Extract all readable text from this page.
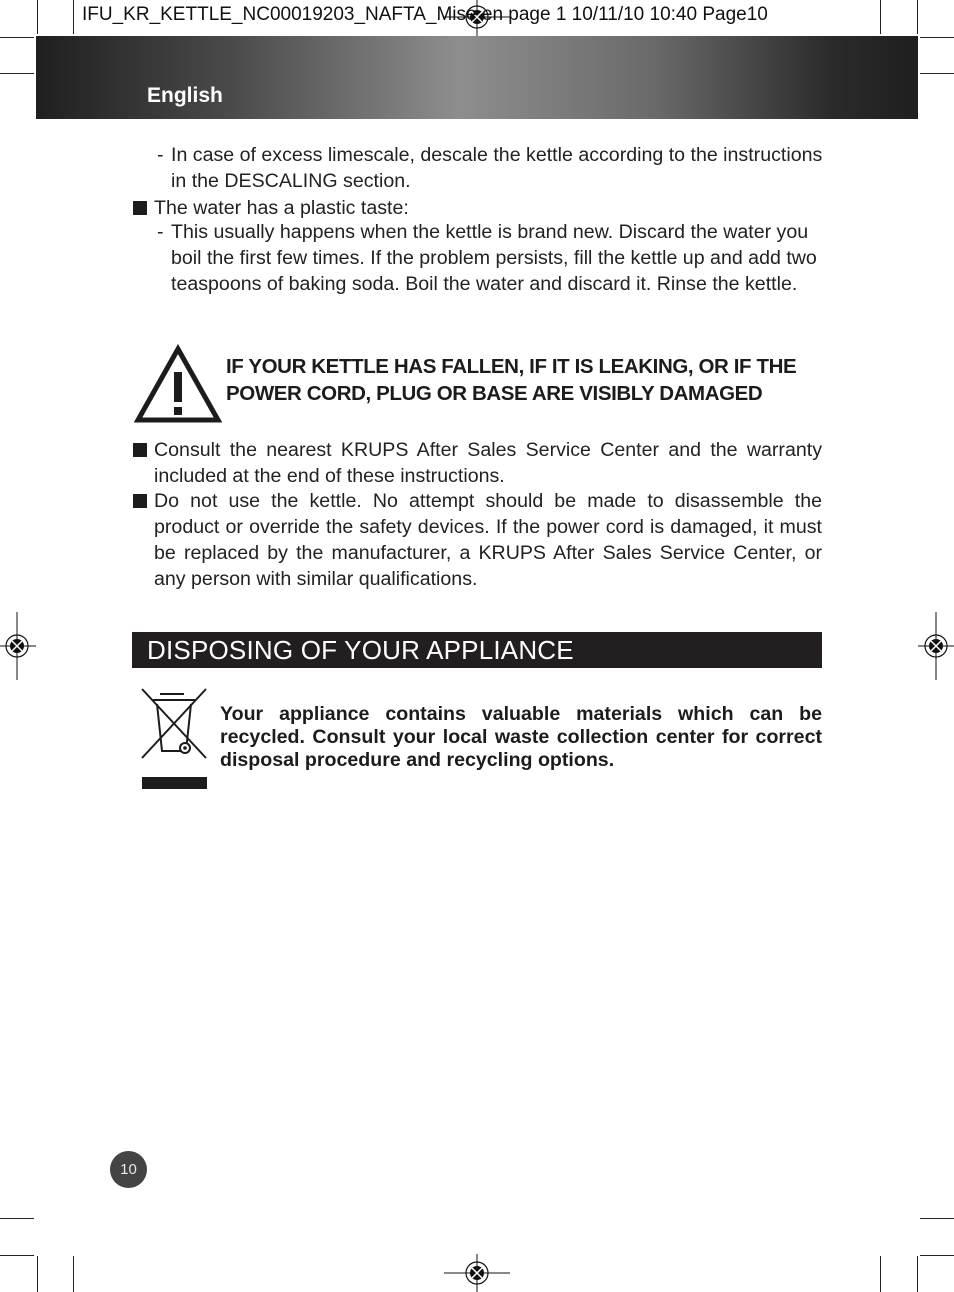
IFU_KR_KETTLE_NC00019203_NAFTA_Mise en page 1 10/11/10 10:40 Page10
English
- In case of excess limescale, descale the kettle according to the instructions in the DESCALING section.
The water has a plastic taste:
- This usually happens when the kettle is brand new. Discard the water you boil the first few times. If the problem persists, fill the kettle up and add two teaspoons of baking soda. Boil the water and discard it. Rinse the kettle.
IF YOUR KETTLE HAS FALLEN, IF IT IS LEAKING, OR IF THE POWER CORD, PLUG OR BASE ARE VISIBLY DAMAGED
Consult the nearest KRUPS After Sales Service Center and the warranty included at the end of these instructions.
Do not use the kettle. No attempt should be made to disassemble the product or override the safety devices. If the power cord is damaged, it must be replaced by the manufacturer, a KRUPS After Sales Service Center, or any person with similar qualifications.
DISPOSING OF YOUR APPLIANCE
Your appliance contains valuable materials which can be recycled. Consult your local waste collection center for correct disposal procedure and recycling options.
10
